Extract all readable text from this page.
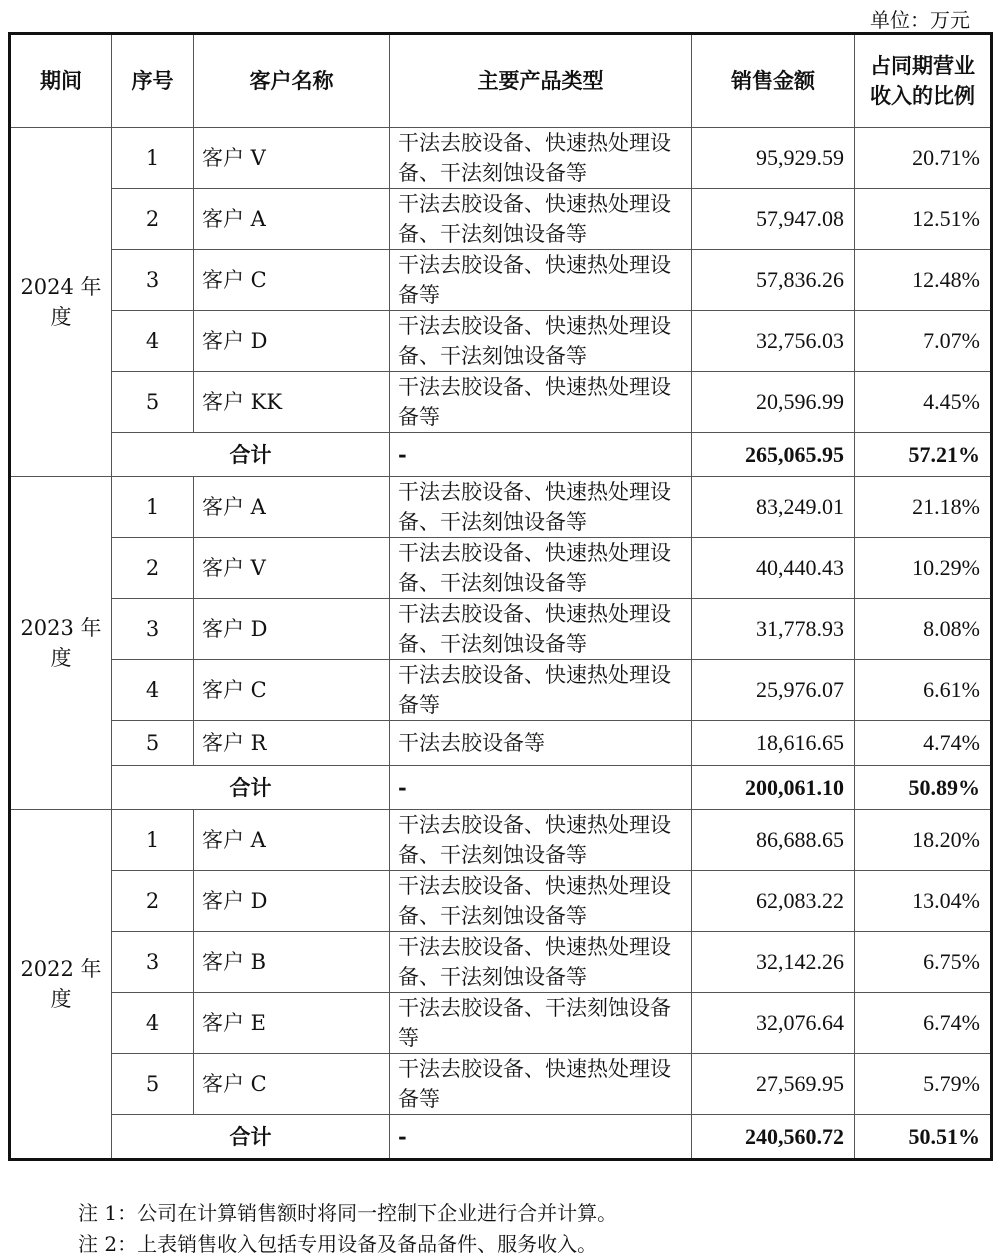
单位：万元
期间	序号	客户名称	主要产品类型	销售金额	占同期营业收入的比例
2024 年度	1	客户 V	干法去胶设备、快速热处理设备、干法刻蚀设备等	95,929.59	20.71%
	2	客户 A	干法去胶设备、快速热处理设备、干法刻蚀设备等	57,947.08	12.51%
	3	客户 C	干法去胶设备、快速热处理设备等	57,836.26	12.48%
	4	客户 D	干法去胶设备、快速热处理设备、干法刻蚀设备等	32,756.03	7.07%
	5	客户 KK	干法去胶设备、快速热处理设备等	20,596.99	4.45%
	合计		-	265,065.95	57.21%
2023 年度	1	客户 A	干法去胶设备、快速热处理设备、干法刻蚀设备等	83,249.01	21.18%
	2	客户 V	干法去胶设备、快速热处理设备、干法刻蚀设备等	40,440.43	10.29%
	3	客户 D	干法去胶设备、快速热处理设备、干法刻蚀设备等	31,778.93	8.08%
	4	客户 C	干法去胶设备、快速热处理设备等	25,976.07	6.61%
	5	客户 R	干法去胶设备等	18,616.65	4.74%
	合计		-	200,061.10	50.89%
2022 年度	1	客户 A	干法去胶设备、快速热处理设备、干法刻蚀设备等	86,688.65	18.20%
	2	客户 D	干法去胶设备、快速热处理设备、干法刻蚀设备等	62,083.22	13.04%
	3	客户 B	干法去胶设备、快速热处理设备、干法刻蚀设备等	32,142.26	6.75%
	4	客户 E	干法去胶设备、干法刻蚀设备等	32,076.64	6.74%
	5	客户 C	干法去胶设备、快速热处理设备等	27,569.95	5.79%
	合计		-	240,560.72	50.51%
注 1：公司在计算销售额时将同一控制下企业进行合并计算。
注 2：上表销售收入包括专用设备及备品备件、服务收入。
